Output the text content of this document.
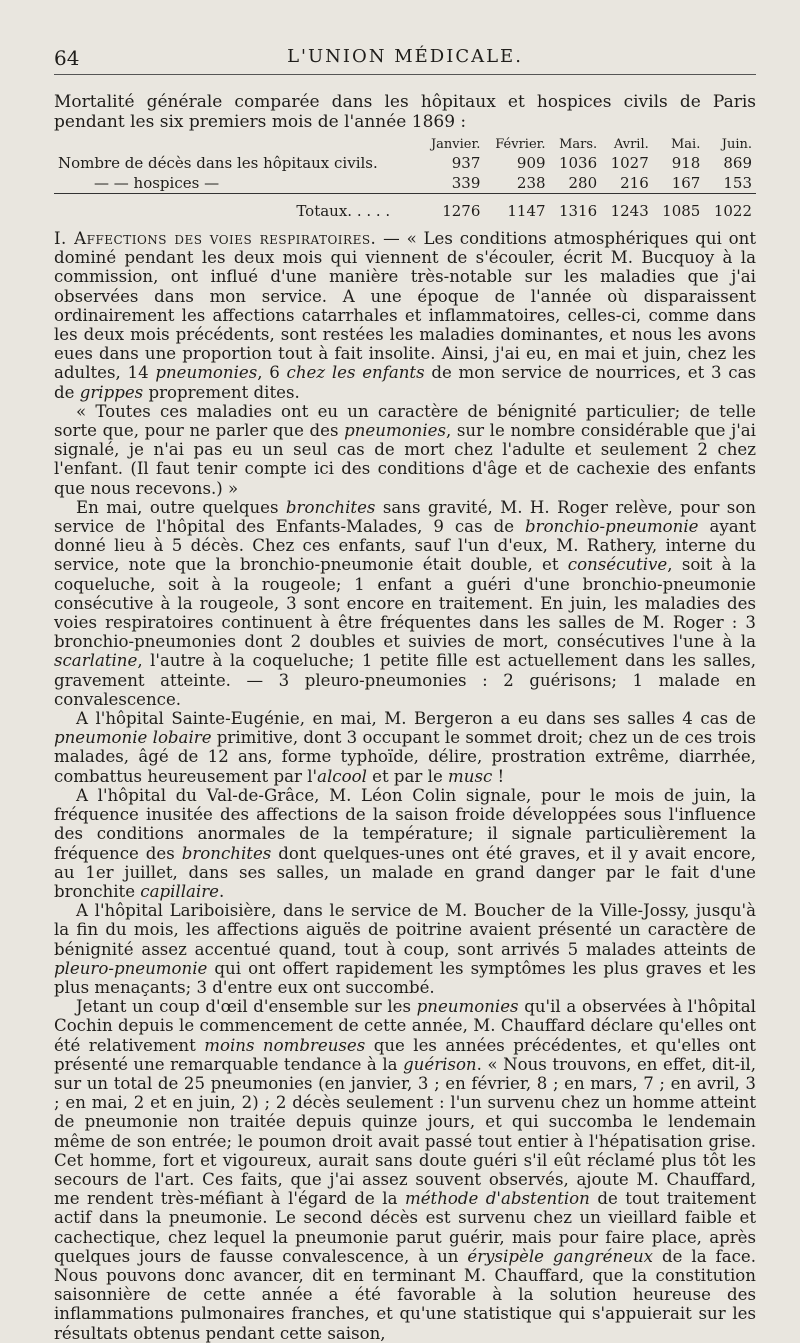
64	L'UNION MÉDICALE.

Mortalité générale comparée dans les hôpitaux et hospices civils de Paris pendant les six premiers mois de l'année 1869 :

	Janvier.	Février.	Mars.	Avril.	Mai.	Juin.
Nombre de décès dans les hôpitaux civils.	937	909	1036	1027	918	869
— — hospices —	339	238	280	216	167	153
Totaux. . . . .	1276	1147	1316	1243	1085	1022

I. Affections des voies respiratoires. — « Les conditions atmosphériques qui ont dominé pendant les deux mois qui viennent de s'écouler, écrit M. Bucquoy à la commission, ont influé d'une manière très-notable sur les maladies que j'ai observées dans mon service. A une époque de l'année où disparaissent ordinairement les affections catarrhales et inflammatoires, celles-ci, comme dans les deux mois précédents, sont restées les maladies dominantes, et nous les avons eues dans une proportion tout à fait insolite. Ainsi, j'ai eu, en mai et juin, chez les adultes, 14 pneumonies, 6 chez les enfants de mon service de nourrices, et 3 cas de grippes proprement dites.

« Toutes ces maladies ont eu un caractère de bénignité particulier; de telle sorte que, pour ne parler que des pneumonies, sur le nombre considérable que j'ai signalé, je n'ai pas eu un seul cas de mort chez l'adulte et seulement 2 chez l'enfant. (Il faut tenir compte ici des conditions d'âge et de cachexie des enfants que nous recevons.) »

En mai, outre quelques bronchites sans gravité, M. H. Roger relève, pour son service de l'hôpital des Enfants-Malades, 9 cas de bronchio-pneumonie ayant donné lieu à 5 décès. Chez ces enfants, sauf l'un d'eux, M. Rathery, interne du service, note que la bronchio-pneumonie était double, et consécutive, soit à la coqueluche, soit à la rougeole; 1 enfant a guéri d'une bronchio-pneumonie consécutive à la rougeole, 3 sont encore en traitement. En juin, les maladies des voies respiratoires continuent à être fréquentes dans les salles de M. Roger : 3 bronchio-pneumonies dont 2 doubles et suivies de mort, consécutives l'une à la scarlatine, l'autre à la coqueluche; 1 petite fille est actuellement dans les salles, gravement atteinte. — 3 pleuro-pneumonies : 2 guérisons; 1 malade en convalescence.

A l'hôpital Sainte-Eugénie, en mai, M. Bergeron a eu dans ses salles 4 cas de pneumonie lobaire primitive, dont 3 occupant le sommet droit; chez un de ces trois malades, âgé de 12 ans, forme typhoïde, délire, prostration extrême, diarrhée, combattus heureusement par l'alcool et par le musc !

A l'hôpital du Val-de-Grâce, M. Léon Colin signale, pour le mois de juin, la fréquence inusitée des affections de la saison froide développées sous l'influence des conditions anormales de la température; il signale particulièrement la fréquence des bronchites dont quelques-unes ont été graves, et il y avait encore, au 1er juillet, dans ses salles, un malade en grand danger par le fait d'une bronchite capillaire.

A l'hôpital Lariboisière, dans le service de M. Boucher de la Ville-Jossy, jusqu'à la fin du mois, les affections aiguës de poitrine avaient présenté un caractère de bénignité assez accentué quand, tout à coup, sont arrivés 5 malades atteints de pleuro-pneumonie qui ont offert rapidement les symptômes les plus graves et les plus menaçants; 3 d'entre eux ont succombé.

Jetant un coup d'œil d'ensemble sur les pneumonies qu'il a observées à l'hôpital Cochin depuis le commencement de cette année, M. Chauffard déclare qu'elles ont été relativement moins nombreuses que les années précédentes, et qu'elles ont présenté une remarquable tendance à la guérison. « Nous trouvons, en effet, dit-il, sur un total de 25 pneumonies (en janvier, 3 ; en février, 8 ; en mars, 7 ; en avril, 3 ; en mai, 2 et en juin, 2) ; 2 décès seulement : l'un survenu chez un homme atteint de pneumonie non traitée depuis quinze jours, et qui succomba le lendemain même de son entrée; le poumon droit avait passé tout entier à l'hépatisation grise. Cet homme, fort et vigoureux, aurait sans doute guéri s'il eût réclamé plus tôt les secours de l'art. Ces faits, que j'ai assez souvent observés, ajoute M. Chauffard, me rendent très-méfiant à l'égard de la méthode d'abstention de tout traitement actif dans la pneumonie. Le second décès est survenu chez un vieillard faible et cachectique, chez lequel la pneumonie parut guérir, mais pour faire place, après quelques jours de fausse convalescence, à un érysipèle gangréneux de la face. Nous pouvons donc avancer, dit en terminant M. Chauffard, que la constitution saisonnière de cette année a été favorable à la solution heureuse des inflammations pulmonaires franches, et qu'une statistique qui s'appuierait sur les résultats obtenus pendant cette saison,
